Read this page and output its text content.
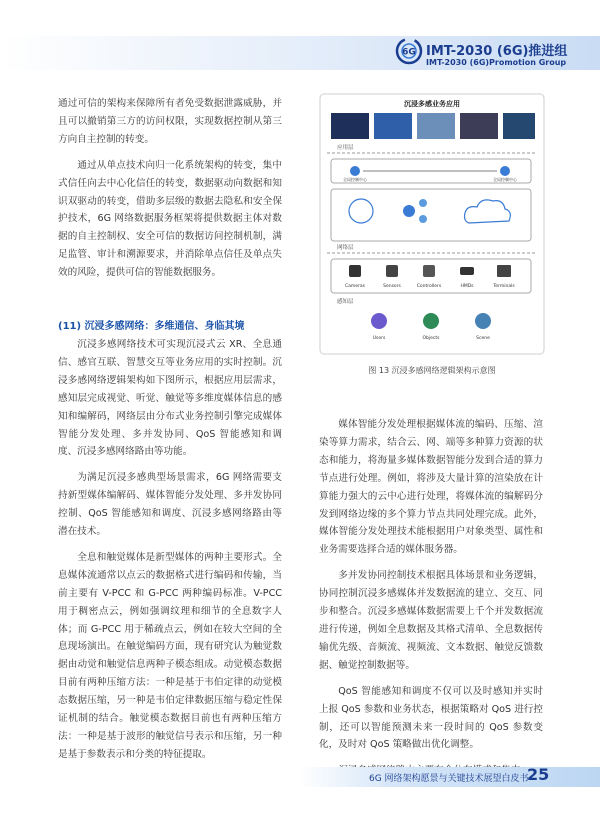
6G IMT-2030 (6G)推进组
IMT-2030 (6G)Promotion Group

通过可信的架构来保障所有者免受数据泄露威胁，并且可以撤销第三方的访问权限，实现数据控制从第三方向自主控制的转变。

通过从单点技术向归一化系统架构的转变，集中式信任向去中心化信任的转变，数据驱动向数据和知识双驱动的转变，借助多层级的数据去隐私和安全保护技术，6G 网络数据服务框架将提供数据主体对数据的自主控制权、安全可信的数据访问控制机制，满足监管、审计和溯源要求，并消除单点信任及单点失效的风险，提供可信的智能数据服务。

(11) 沉浸多感网络：多维通信、身临其境

沉浸多感网络技术可实现沉浸式云 XR、全息通信、感官互联、智慧交互等业务应用的实时控制。沉浸多感网络逻辑架构如下图所示，根据应用层需求，感知层完成视觉、听觉、触觉等多维度媒体信息的感知和编解码，网络层由分布式业务控制引擎完成媒体智能分发处理、多并发协同、QoS 智能感知和调度、沉浸多感网络路由等功能。

为满足沉浸多感典型场景需求，6G 网络需要支持新型媒体编解码、媒体智能分发处理、多并发协同控制、QoS 智能感知和调度、沉浸多感网络路由等潜在技术。

全息和触觉媒体是新型媒体的两种主要形式。全息媒体流通常以点云的数据格式进行编码和传输，当前主要有 V-PCC 和 G-PCC 两种编码标准。V-PCC 用于稠密点云，例如强调纹理和细节的全息数字人体；而 G-PCC 用于稀疏点云，例如在较大空间的全息现场演出。在触觉编码方面，现有研究认为触觉数据由动觉和触觉信息两种子模态组成。动觉模态数据目前有两种压缩方法：一种是基于韦伯定律的动觉模态数据压缩，另一种是韦伯定律数据压缩与稳定性保证机制的结合。触觉模态数据目前也有两种压缩方法：一种是基于波形的触觉信号表示和压缩，另一种是基于参数表示和分类的特征提取。

沉浸多感业务应用
应用层
全局控制中心	全局控制中心
网络层
Cameras	Sensors	Controllers	HMDs	Terminals
感知层
Users	Objects	Scene
图 13 沉浸多感网络逻辑架构示意图

媒体智能分发处理根据媒体流的编码、压缩、渲染等算力需求，结合云、网、端等多种算力资源的状态和能力，将海量多媒体数据智能分发到合适的算力节点进行处理。例如，将涉及大量计算的渲染放在计算能力强大的云中心进行处理，将媒体流的编解码分发到网络边缘的多个算力节点共同处理完成。此外，媒体智能分发处理技术能根据用户对象类型、属性和业务需要选择合适的媒体服务器。

多并发协同控制技术根据具体场景和业务逻辑，协同控制沉浸多感媒体并发数据流的建立、交互、同步和整合。沉浸多感媒体数据需要上千个并发数据流进行传递，例如全息数据及其格式清单、全息数据传输优先级、音频流、视频流、文本数据、触觉反馈数据、触觉控制数据等。

QoS 智能感知和调度不仅可以及时感知并实时上报 QoS 参数和业务状态，根据策略对 QoS 进行控制，还可以智能预测未来一段时间的 QoS 参数变化，及时对 QoS 策略做出优化调整。

6G 网络架构愿景与关键技术展望白皮书
25
